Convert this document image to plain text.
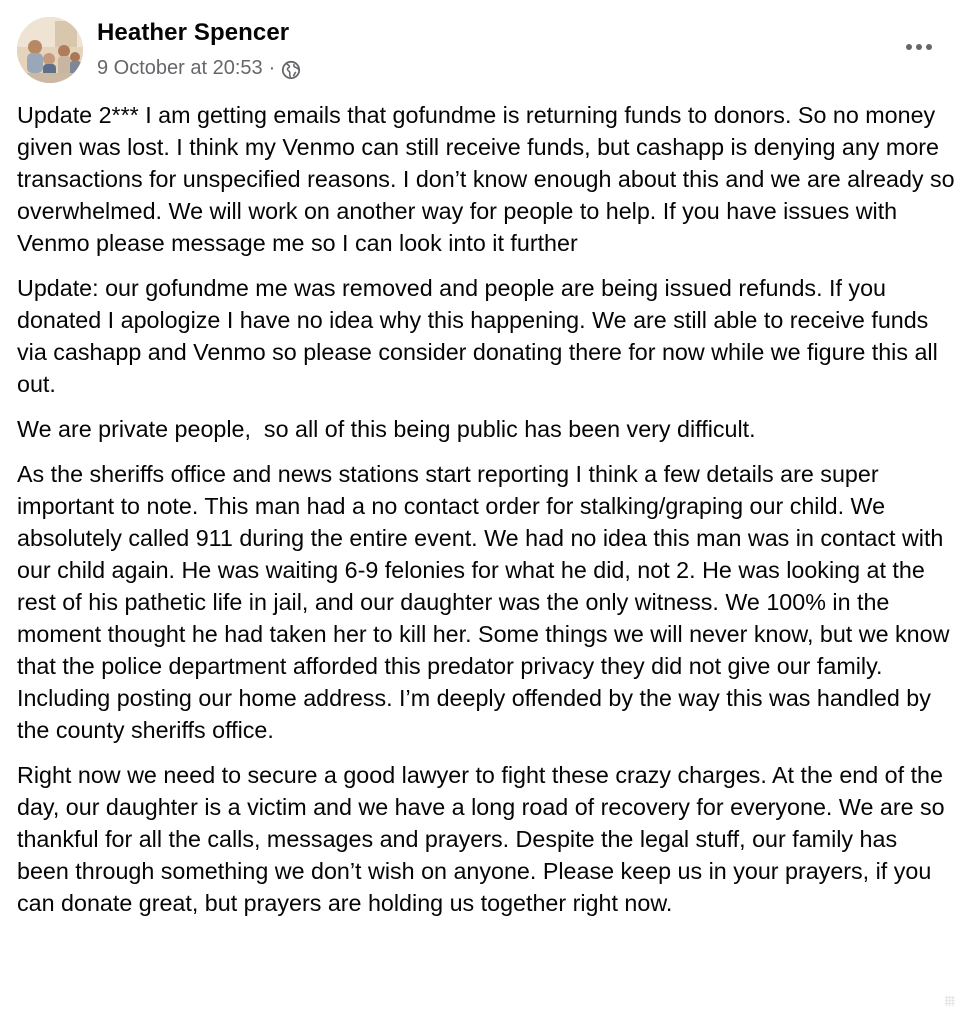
Heather Spencer
9 October at 20:53 ·

Update 2*** I am getting emails that gofundme is returning funds to donors. So no money given was lost. I think my Venmo can still receive funds, but cashapp is denying any more transactions for unspecified reasons. I don’t know enough about this and we are already so overwhelmed. We will work on another way for people to help. If you have issues with Venmo please message me so I can look into it further

Update: our gofundme me was removed and people are being issued refunds. If you donated I apologize I have no idea why this happening. We are still able to receive funds via cashapp and Venmo so please consider donating there for now while we figure this all out.

We are private people,  so all of this being public has been very difficult.

As the sheriffs office and news stations start reporting I think a few details are super important to note. This man had a no contact order for stalking/graping our child. We absolutely called 911 during the entire event. We had no idea this man was in contact with our child again. He was waiting 6-9 felonies for what he did, not 2. He was looking at the rest of his pathetic life in jail, and our daughter was the only witness. We 100% in the moment thought he had taken her to kill her. Some things we will never know, but we know that the police department afforded this predator privacy they did not give our family. Including posting our home address. I’m deeply offended by the way this was handled by the county sheriffs office.

Right now we need to secure a good lawyer to fight these crazy charges. At the end of the day, our daughter is a victim and we have a long road of recovery for everyone. We are so thankful for all the calls, messages and prayers. Despite the legal stuff, our family has been through something we don’t wish on anyone. Please keep us in your prayers, if you can donate great, but prayers are holding us together right now.
